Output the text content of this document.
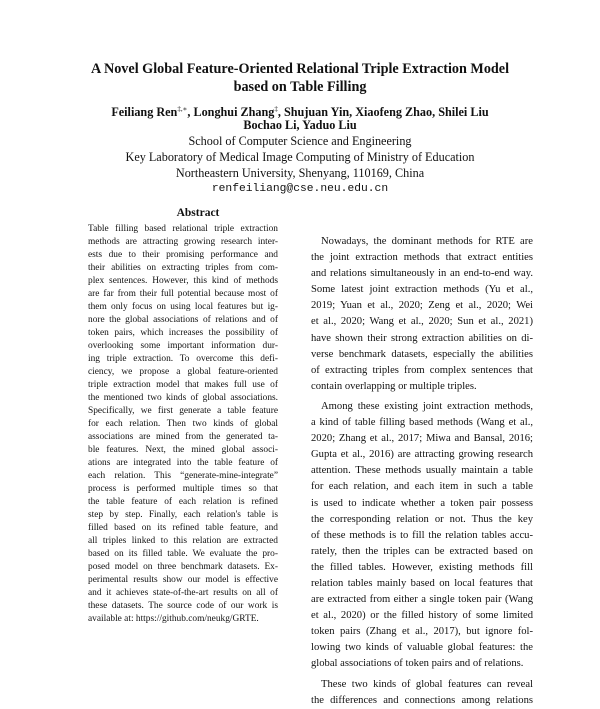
A Novel Global Feature-Oriented Relational Triple Extraction Model
based on Table Filling
Feiliang Ren‡,∗, Longhui Zhang‡, Shujuan Yin, Xiaofeng Zhao, Shilei Liu
Bochao Li, Yaduo Liu
School of Computer Science and Engineering
Key Laboratory of Medical Image Computing of Ministry of Education
Northeastern University, Shenyang, 110169, China
renfeiliang@cse.neu.edu.cn
Abstract
Table filling based relational triple extraction
methods are attracting growing research inter-
ests due to their promising performance and
their abilities on extracting triples from com-
plex sentences. However, this kind of methods
are far from their full potential because most of
them only focus on using local features but ig-
nore the global associations of relations and of
token pairs, which increases the possibility of
overlooking some important information dur-
ing triple extraction. To overcome this defi-
ciency, we propose a global feature-oriented
triple extraction model that makes full use of
the mentioned two kinds of global associations.
Specifically, we first generate a table feature
for each relation. Then two kinds of global
associations are mined from the generated ta-
ble features. Next, the mined global associ-
ations are integrated into the table feature of
each relation. This “generate-mine-integrate”
process is performed multiple times so that
the table feature of each relation is refined
step by step. Finally, each relation's table is
filled based on its refined table feature, and
all triples linked to this relation are extracted
based on its filled table. We evaluate the pro-
posed model on three benchmark datasets. Ex-
perimental results show our model is effective
and it achieves state-of-the-art results on all of
these datasets. The source code of our work is
available at: https://github.com/neukg/GRTE.
Nowadays, the dominant methods for RTE are
the joint extraction methods that extract entities
and relations simultaneously in an end-to-end way.
Some latest joint extraction methods (Yu et al.,
2019; Yuan et al., 2020; Zeng et al., 2020; Wei
et al., 2020; Wang et al., 2020; Sun et al., 2021)
have shown their strong extraction abilities on di-
verse benchmark datasets, especially the abilities
of extracting triples from complex sentences that
contain overlapping or multiple triples.
Among these existing joint extraction methods,
a kind of table filling based methods (Wang et al.,
2020; Zhang et al., 2017; Miwa and Bansal, 2016;
Gupta et al., 2016) are attracting growing research
attention. These methods usually maintain a table
for each relation, and each item in such a table
is used to indicate whether a token pair possess
the corresponding relation or not. Thus the key
of these methods is to fill the relation tables accu-
rately, then the triples can be extracted based on
the filled tables. However, existing methods fill
relation tables mainly based on local features that
are extracted from either a single token pair (Wang
et al., 2020) or the filled history of some limited
token pairs (Zhang et al., 2017), but ignore fol-
lowing two kinds of valuable global features: the
global associations of token pairs and of relations.
These two kinds of global features can reveal
the differences and connections among relations
